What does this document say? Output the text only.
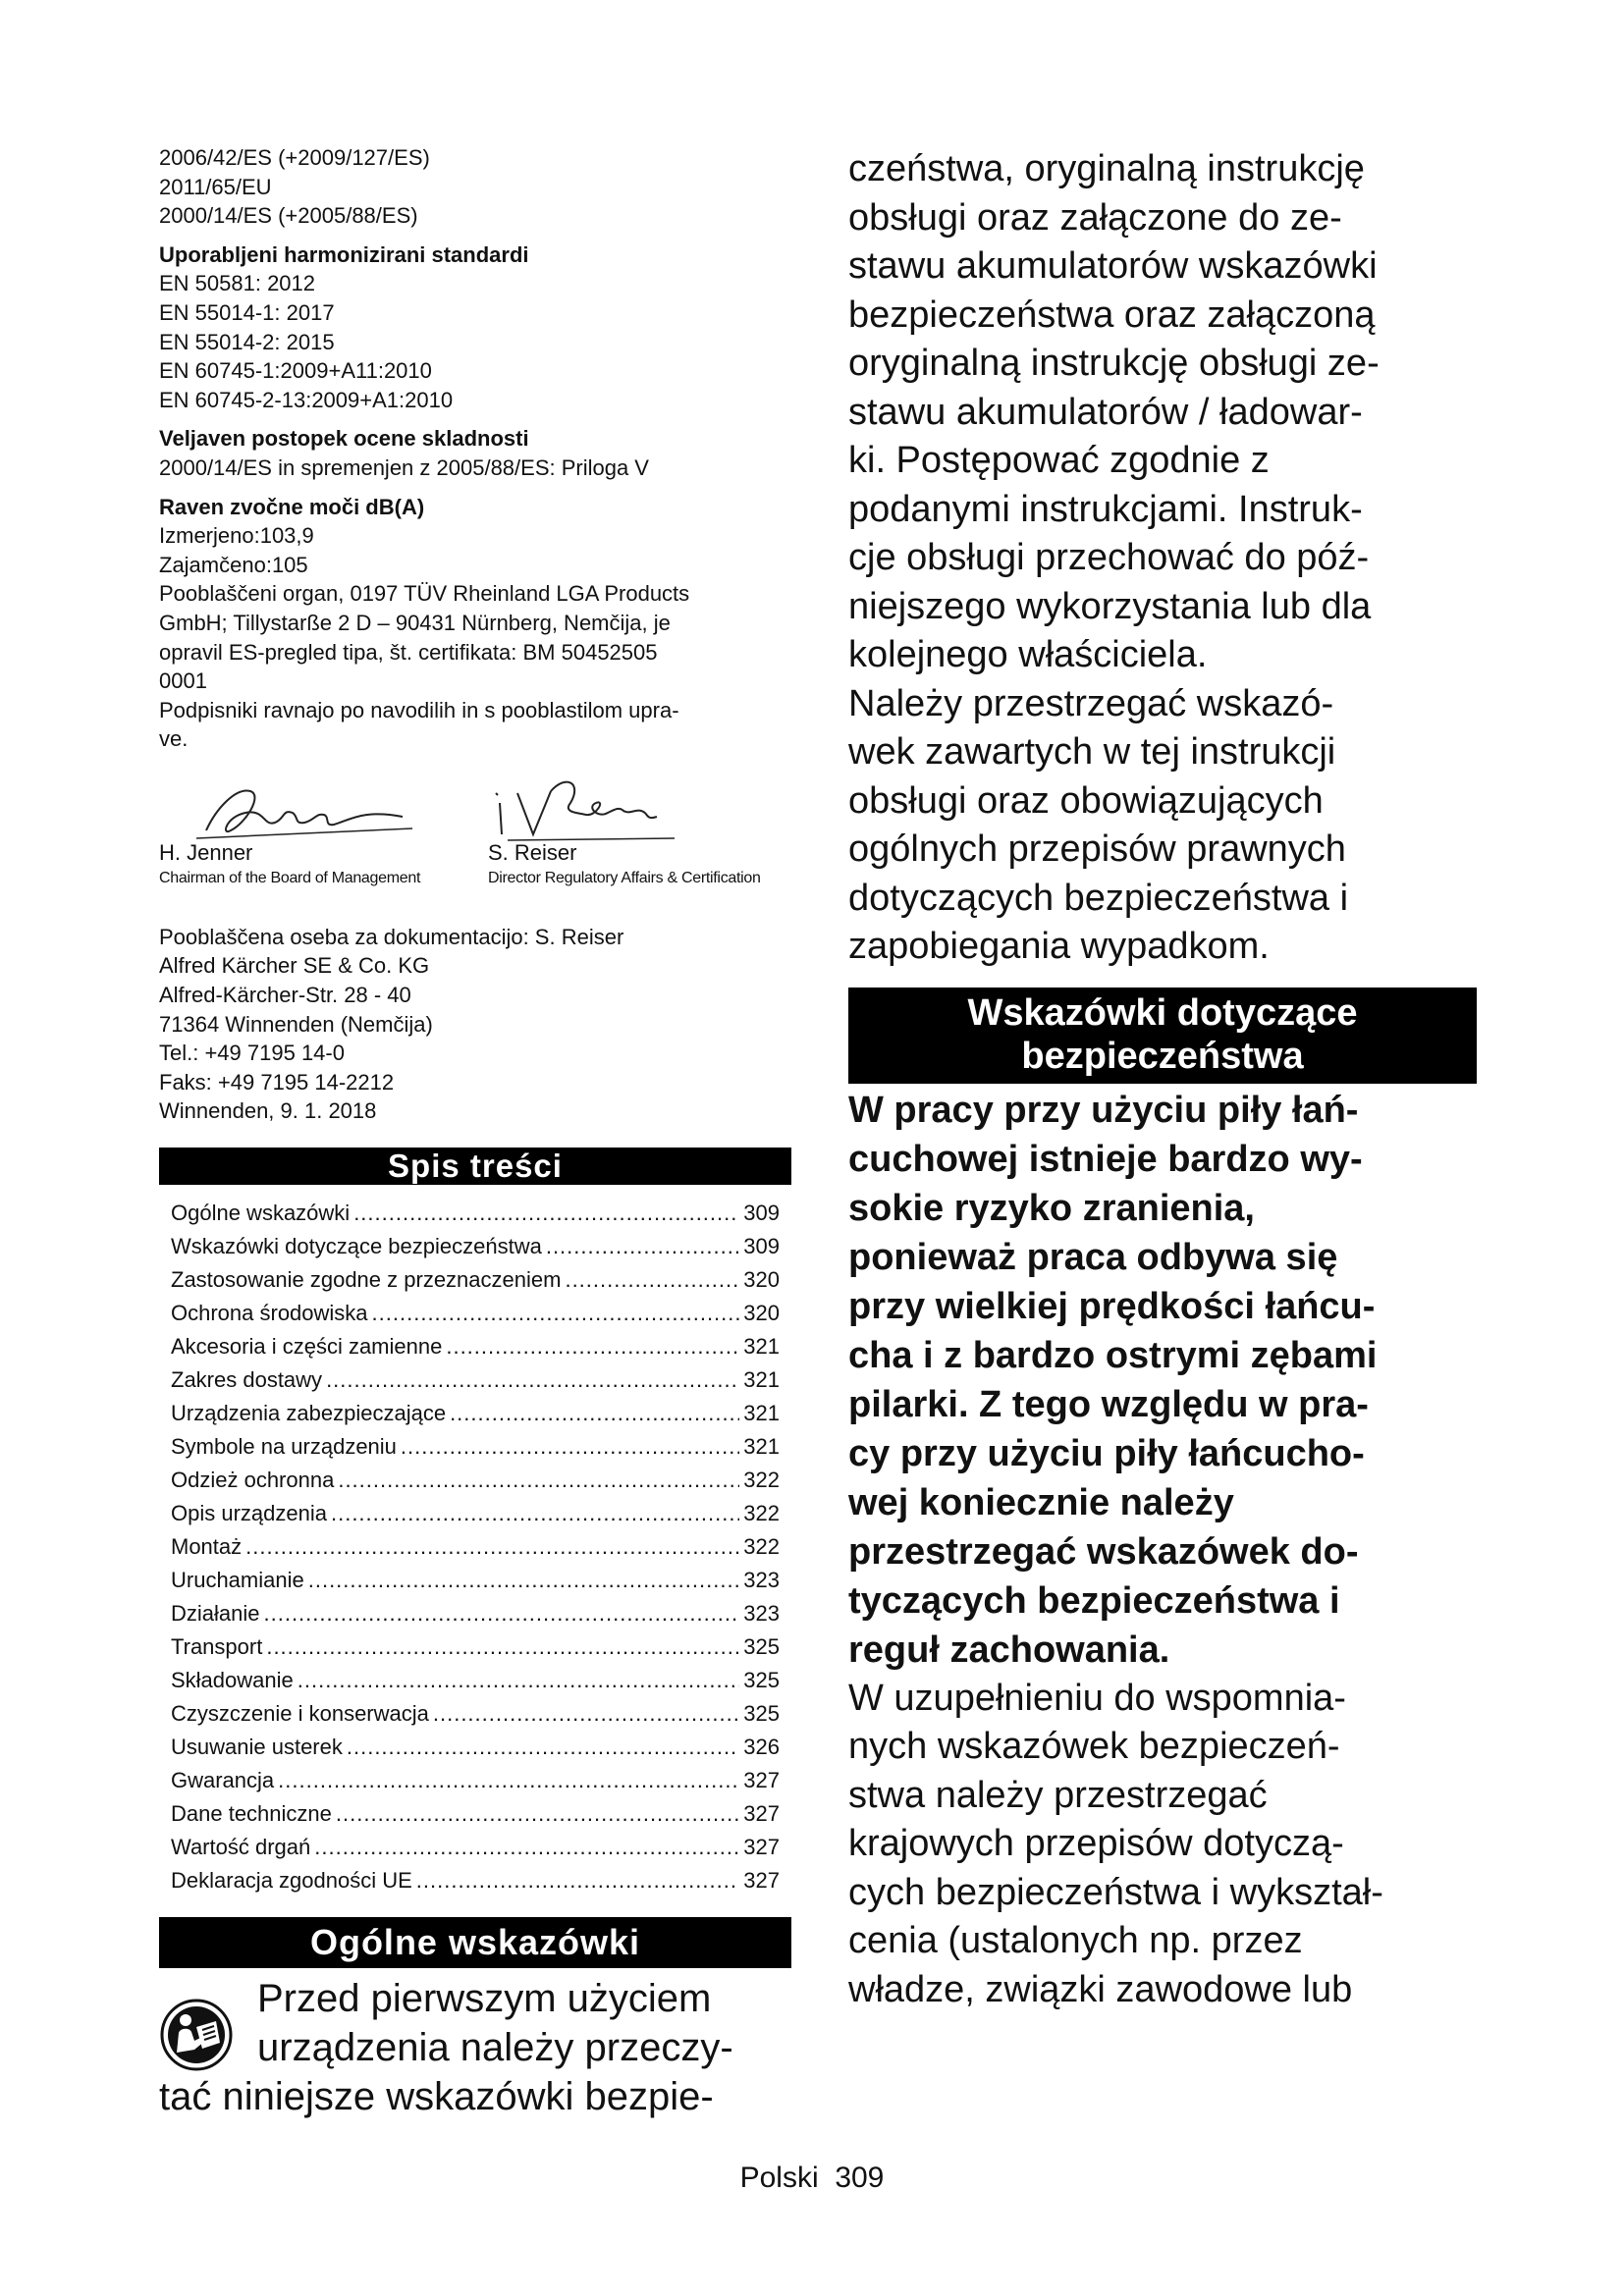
2006/42/ES (+2009/127/ES)

2011/65/EU

2000/14/ES (+2005/88/ES)

Uporabljeni harmonizirani standardi

EN 50581: 2012

EN 55014-1: 2017

EN 55014-2: 2015

EN 60745-1:2009+A11:2010

EN 60745-2-13:2009+A1:2010

Veljaven postopek ocene skladnosti

2000/14/ES in spremenjen z 2005/88/ES: Priloga V

Raven zvočne moči dB(A)

Izmerjeno:103,9

Zajamčeno:105

Pooblaščeni organ, 0197 TÜV Rheinland LGA Products

GmbH; Tillystarße 2 D – 90431 Nürnberg, Nemčija, je

opravil ES-pregled tipa, št. certifikata: BM 50452505

0001

Podpisniki ravnajo po navodilih in s pooblastilom upra-

ve.

H. Jenner
Chairman of the Board of Management
S. Reiser
Director Regulatory Affairs & Certification

Pooblaščena oseba za dokumentacijo: S. Reiser

Alfred Kärcher SE & Co. KG

Alfred-Kärcher-Str. 28 - 40

71364 Winnenden (Nemčija)

Tel.: +49 7195 14-0

Faks: +49 7195 14-2212

Winnenden, 9. 1. 2018

Spis treści
Ogólne wskazówki .....	309
Wskazówki dotyczące bezpieczeństwa .....	309
Zastosowanie zgodne z przeznaczeniem .....	320
Ochrona środowiska .....	320
Akcesoria i części zamienne .....	321
Zakres dostawy .....	321
Urządzenia zabezpieczające .....	321
Symbole na urządzeniu .....	321
Odzież ochronna .....	322
Opis urządzenia .....	322
Montaż .....	322
Uruchamianie .....	323
Działanie .....	323
Transport .....	325
Składowanie .....	325
Czyszczenie i konserwacja .....	325
Usuwanie usterek .....	326
Gwarancja .....	327
Dane techniczne .....	327
Wartość drgań .....	327
Deklaracja zgodności UE .....	327
Ogólne wskazówki
Przed pierwszym użyciem
urządzenia należy przeczy-
tać niniejsze wskazówki bezpie-

czeństwa, oryginalną instrukcję

obsługi oraz załączone do ze-

stawu akumulatorów wskazówki

bezpieczeństwa oraz załączoną

oryginalną instrukcję obsługi ze-

stawu akumulatorów / ładowar-

ki. Postępować zgodnie z

podanymi instrukcjami. Instruk-

cje obsługi przechować do póź-

niejszego wykorzystania lub dla

kolejnego właściciela.

Należy przestrzegać wskazó-

wek zawartych w tej instrukcji

obsługi oraz obowiązujących

ogólnych przepisów prawnych

dotyczących bezpieczeństwa i

zapobiegania wypadkom.

Wskazówki dotyczące
bezpieczeństwa

W pracy przy użyciu piły łań-

cuchowej istnieje bardzo wy-

sokie ryzyko zranienia,

ponieważ praca odbywa się

przy wielkiej prędkości łańcu-

cha i z bardzo ostrymi zębami

pilarki. Z tego względu w pra-

cy przy użyciu piły łańcucho-

wej koniecznie należy

przestrzegać wskazówek do-

tyczących bezpieczeństwa i

reguł zachowania.

W uzupełnieniu do wspomnia-

nych wskazówek bezpieczeń-

stwa należy przestrzegać

krajowych przepisów dotyczą-

cych bezpieczeństwa i wykształ-

cenia (ustalonych np. przez

władze, związki zawodowe lub

Polski 309
